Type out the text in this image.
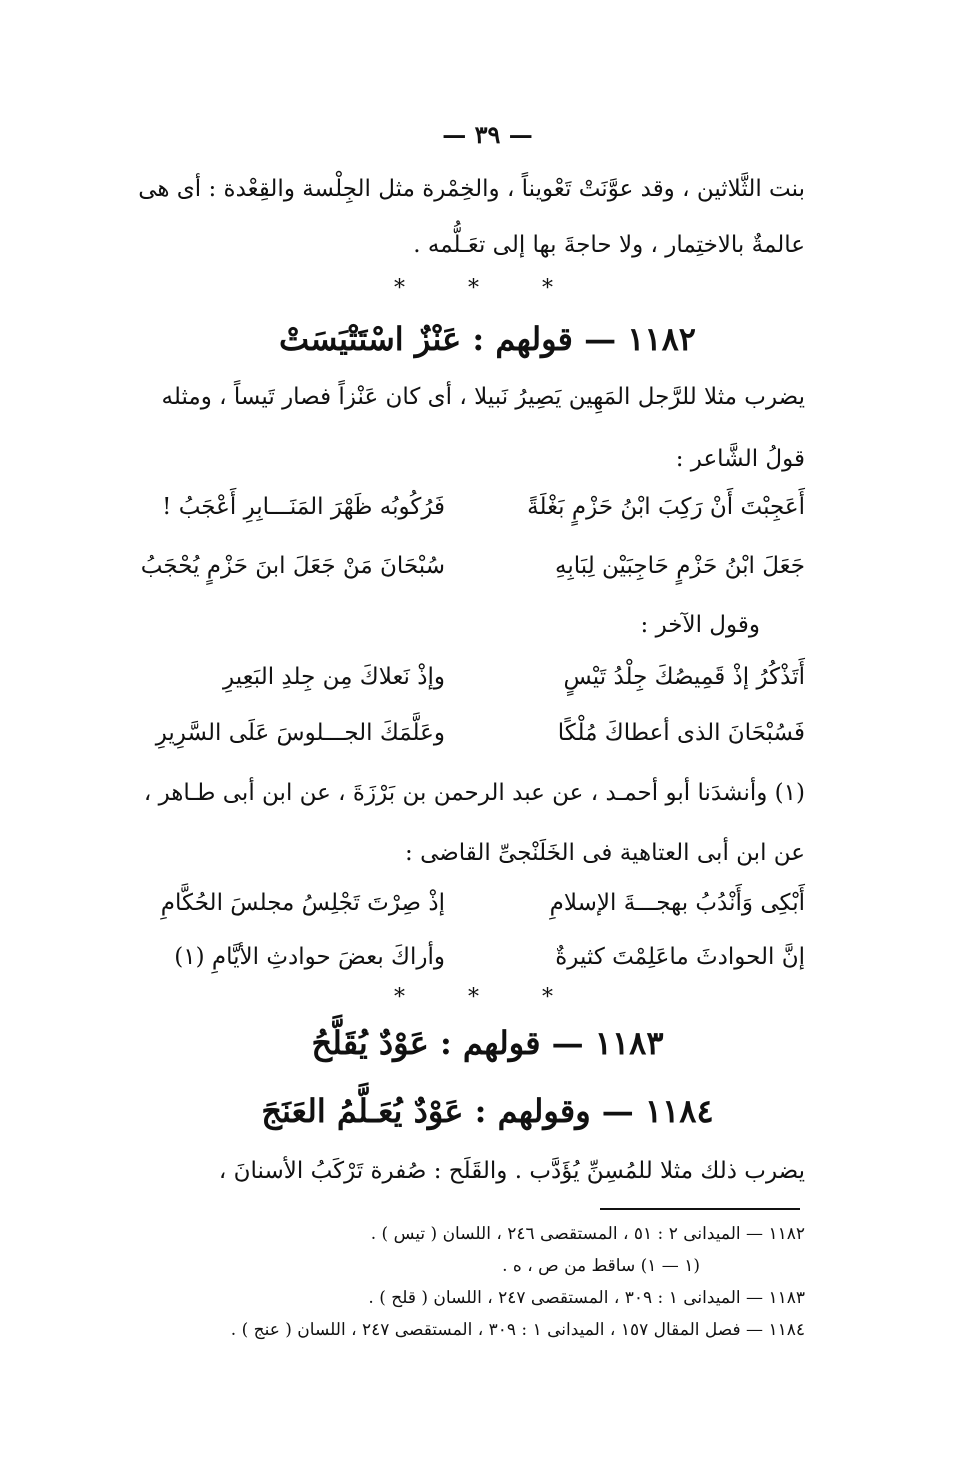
— ٣٩ —
بنت الثَّلاثين ، وقد عوَّنَتْ تَعْويناً ، والخِمْرة مثل الجِلْسة والقِعْدة : أى هى
عالمةٌ بالاختِمار ، ولا حاجةَ بها إلى تعَـلُّمه .
* * *
١١٨٢ — قولهم : عَنْزٌ اسْتَتْيَسَتْ
يضرب مثلا للرَّجل المَهِين يَصِيرُ نَبيلا ، أى كان عَنْزاً فصار تَيساً ، ومثله
قولُ الشَّاعر :
أَعَجِبْتَ أَنْ رَكِبَ ابْنُ حَزْمٍ بَغْلَةً
فَرُكُوبُه ظَهْرَ المَنَـــابِرِ أَعْجَبُ !
جَعَلَ ابْنُ حَزْمٍ حَاجِبَيْن لِبَابِهِ
سُبْحَانَ مَنْ جَعَلَ ابنَ حَزْمٍ يُحْجَبُ
وقول الآخر :
أَتَذْكُرُ إذْ قَمِيصُكَ جِلْدُ تَيْسٍ
وإذْ نَعلاكَ مِن جِلدِ البَعِيرِ
فَسُبْحَانَ الذى أعطاكَ مُلْكًا
وعَلَّمَكَ الجـــلوسَ عَلَى السَّرِيرِ
(١) وأنشدَنا أبو أحمـد ، عن عبد الرحمن بن بَرْزَةَ ، عن ابن أبى طـاهر ،
عن ابن أبى العتاهية فى الخَلَنْجىِّ القاضى :
أَبْكِى وَأَنْدُبُ بهجـــةَ الإسلامِ
إذْ صِرْتَ تَجْلِسُ مجلسَ الحُكَّامِ
إنَّ الحوادثَ ماعَلِمْتَ كثيرةٌ
وأراكَ بعضَ حوادثِ الأيَّامِ (١)
* * *
١١٨٣ — قولهم : عَوْدٌ يُقَلَّحُ
١١٨٤ — وقولهم : عَوْدٌ يُعَـلَّمُ العَنَجَ
يضرب ذلك مثلا للمُسِنِّ يُؤَدَّب . والقَلَح : صُفرة تَرْكَبُ الأسنانَ ،
١١٨٢ — الميدانى ٢ : ٥١ ، المستقصى ٢٤٦ ، اللسان ( تيس ) .
(١ — ١) ساقط من ص ، ه .
١١٨٣ — الميدانى ١ : ٣٠٩ ، المستقصى ٢٤٧ ، اللسان ( قلح ) .
١١٨٤ — فصل المقال ١٥٧ ، الميدانى ١ : ٣٠٩ ، المستقصى ٢٤٧ ، اللسان ( عنج ) .
